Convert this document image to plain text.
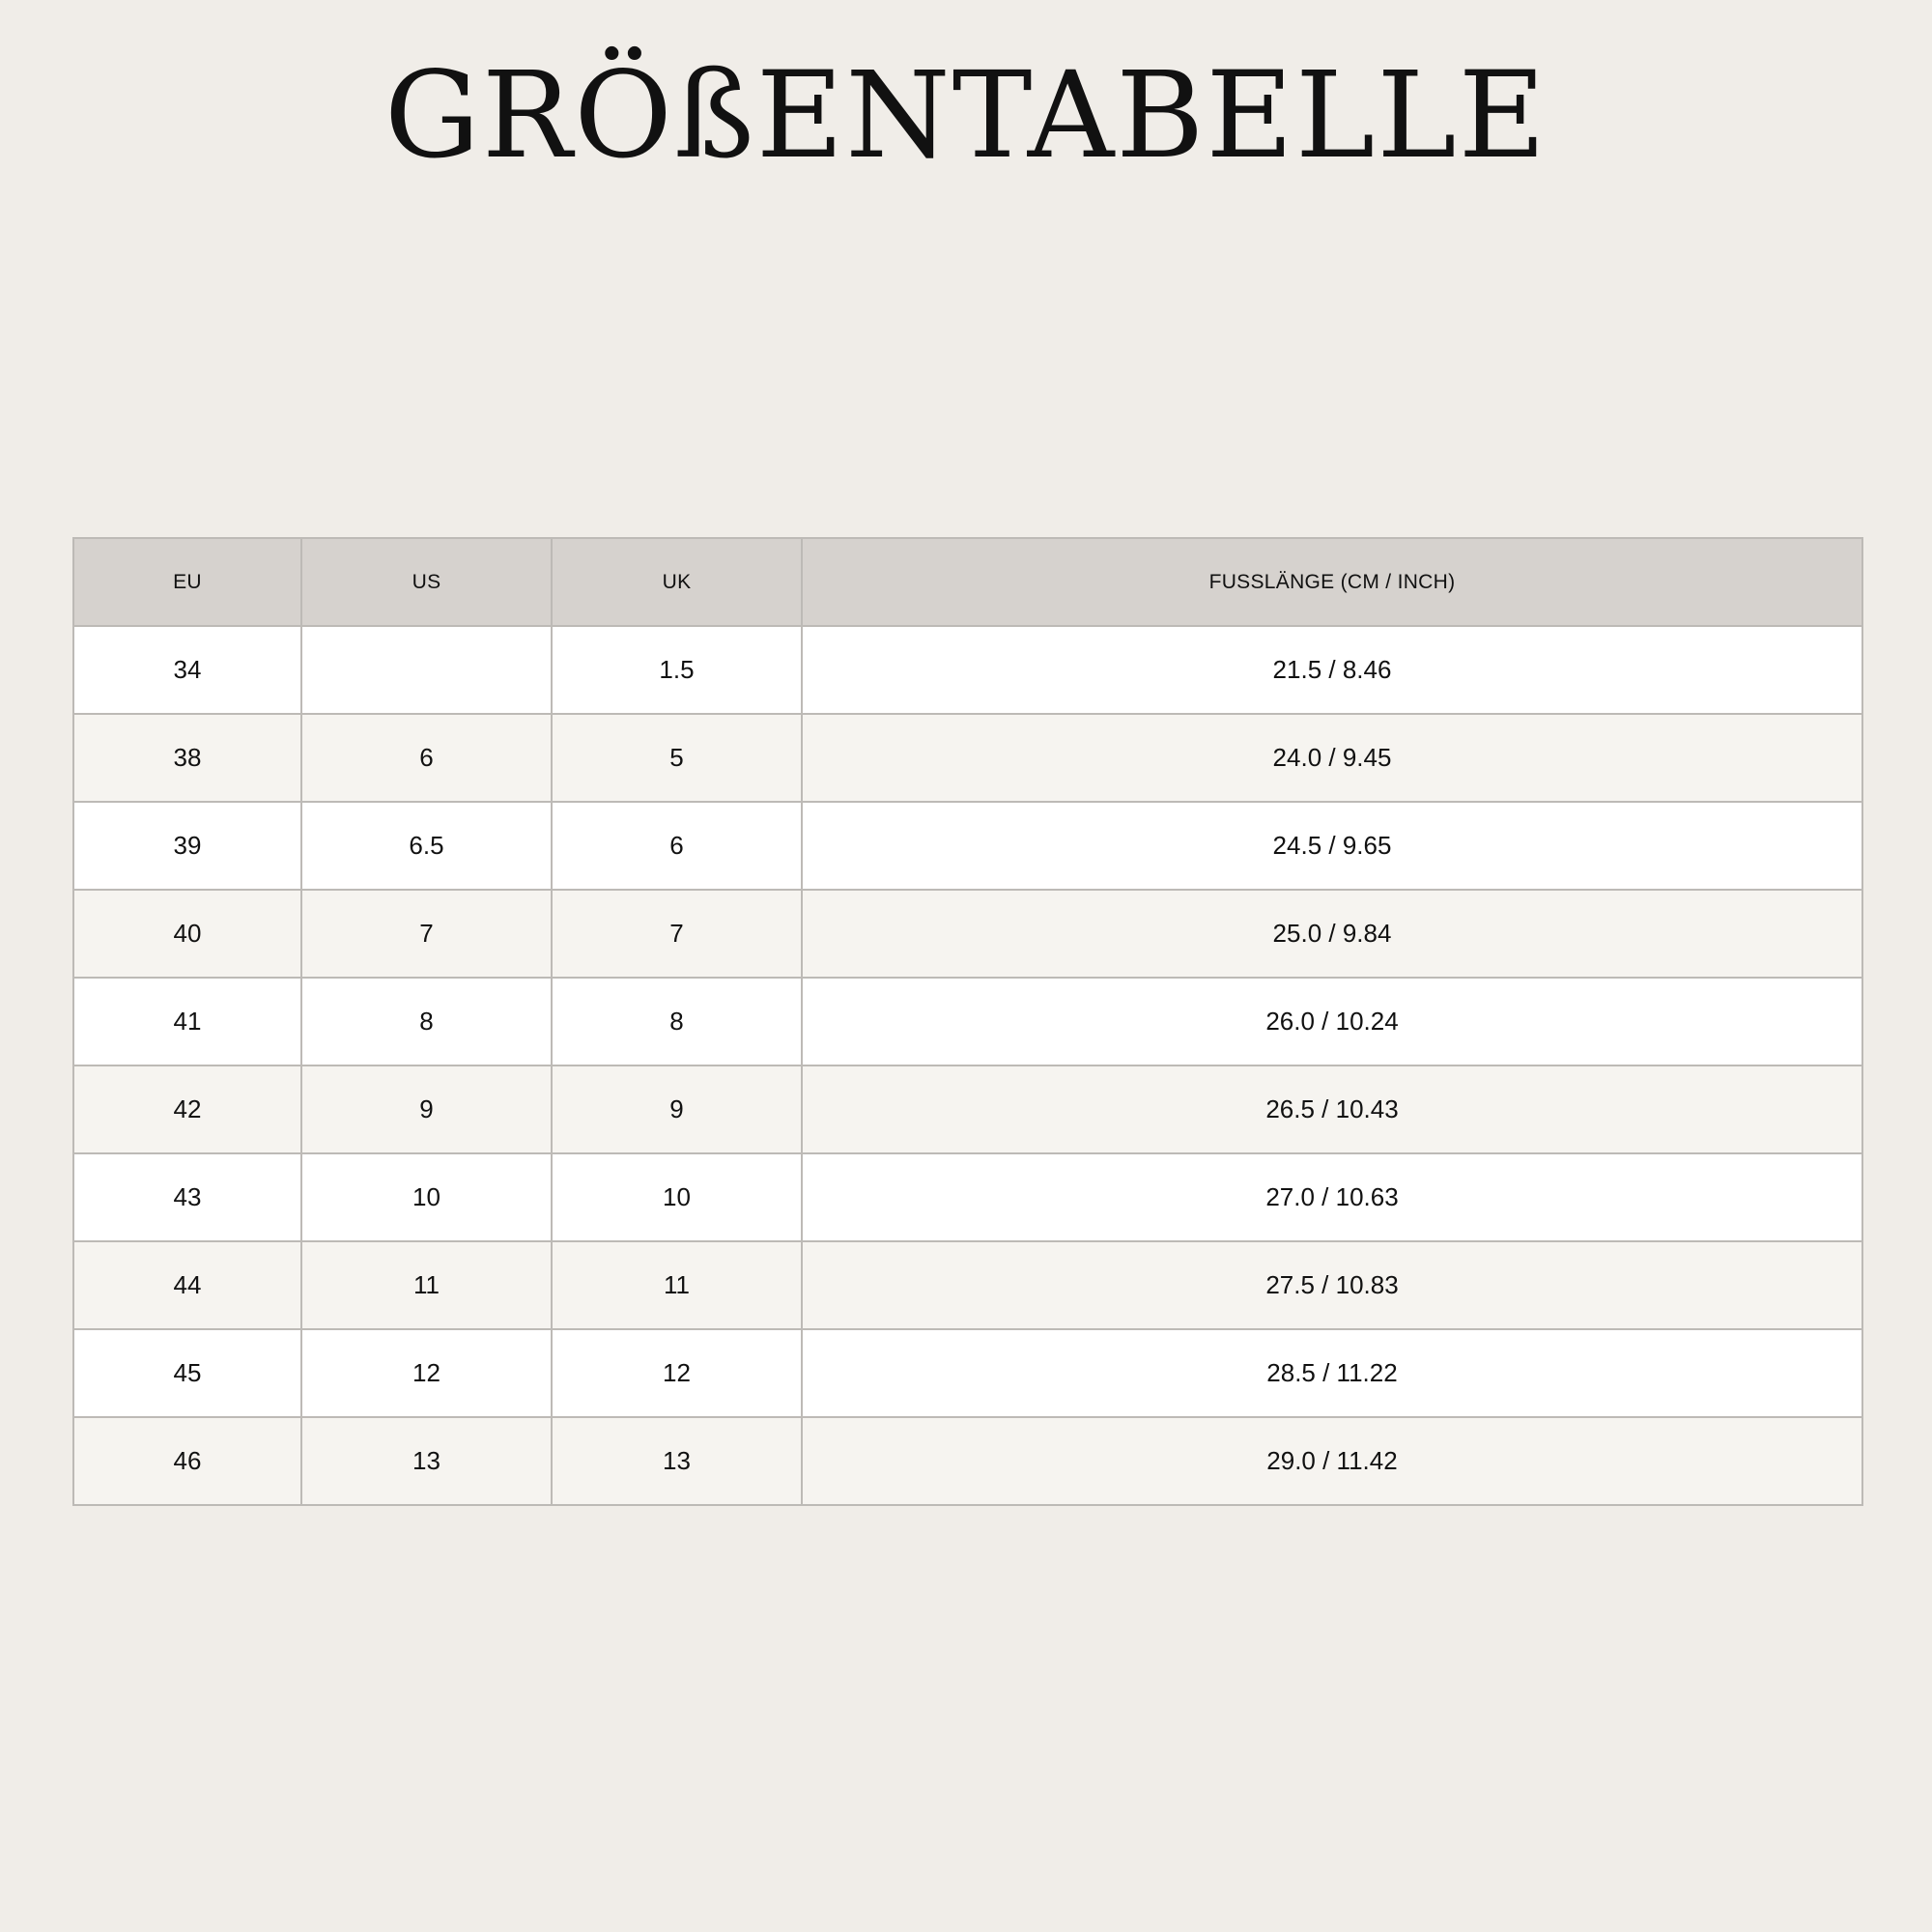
GRÖßENTABELLE
EU	US	UK	FUSSLÄNGE (CM / INCH)
34		1.5	21.5 / 8.46
38	6	5	24.0 / 9.45
39	6.5	6	24.5 / 9.65
40	7	7	25.0 / 9.84
41	8	8	26.0 / 10.24
42	9	9	26.5 / 10.43
43	10	10	27.0 / 10.63
44	11	11	27.5 / 10.83
45	12	12	28.5 / 11.22
46	13	13	29.0 / 11.42
